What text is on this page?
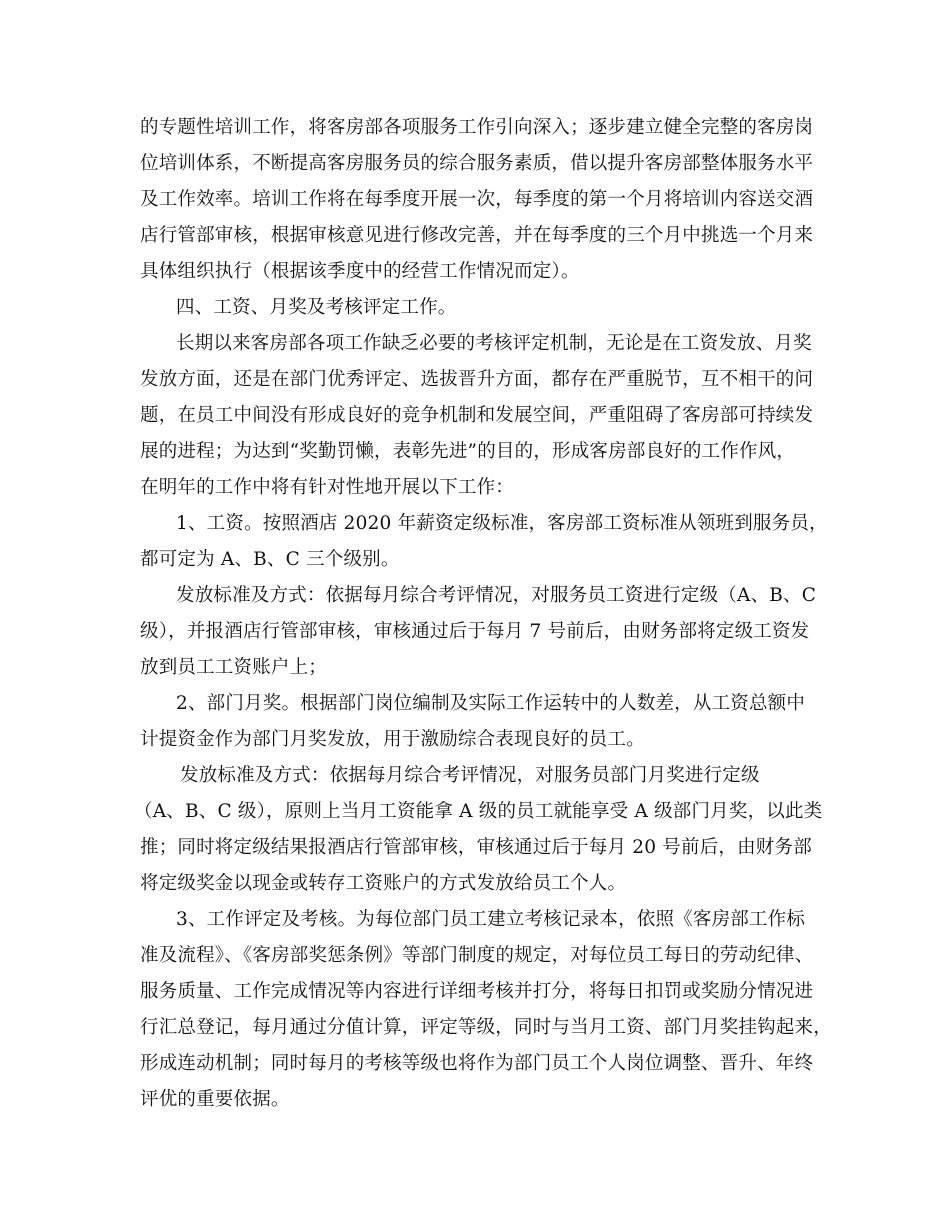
的专题性培训工作，将客房部各项服务工作引向深入；逐步建立健全完整的客房岗
位培训体系，不断提高客房服务员的综合服务素质，借以提升客房部整体服务水平
及工作效率。培训工作将在每季度开展一次，每季度的第一个月将培训内容送交酒
店行管部审核，根据审核意见进行修改完善，并在每季度的三个月中挑选一个月来
具体组织执行（根据该季度中的经营工作情况而定）。
四、工资、月奖及考核评定工作。
长期以来客房部各项工作缺乏必要的考核评定机制，无论是在工资发放、月奖
发放方面，还是在部门优秀评定、选拔晋升方面，都存在严重脱节，互不相干的问
题，在员工中间没有形成良好的竞争机制和发展空间，严重阻碍了客房部可持续发
展的进程；为达到“奖勤罚懒，表彰先进”的目的，形成客房部良好的工作作风，
在明年的工作中将有针对性地开展以下工作：
1、工资。按照酒店 2020 年薪资定级标准，客房部工资标准从领班到服务员，
都可定为 A、B、C 三个级别。
发放标准及方式：依据每月综合考评情况，对服务员工资进行定级（A、B、C
级），并报酒店行管部审核，审核通过后于每月 7 号前后，由财务部将定级工资发
放到员工工资账户上；
2、部门月奖。根据部门岗位编制及实际工作运转中的人数差，从工资总额中
计提资金作为部门月奖发放，用于激励综合表现良好的员工。
发放标准及方式：依据每月综合考评情况，对服务员部门月奖进行定级
（A、B、C 级），原则上当月工资能拿 A 级的员工就能享受 A 级部门月奖，以此类
推；同时将定级结果报酒店行管部审核，审核通过后于每月 20 号前后，由财务部
将定级奖金以现金或转存工资账户的方式发放给员工个人。
3、工作评定及考核。为每位部门员工建立考核记录本，依照《客房部工作标
准及流程》、《客房部奖惩条例》等部门制度的规定，对每位员工每日的劳动纪律、
服务质量、工作完成情况等内容进行详细考核并打分，将每日扣罚或奖励分情况进
行汇总登记，每月通过分值计算，评定等级，同时与当月工资、部门月奖挂钩起来，
形成连动机制；同时每月的考核等级也将作为部门员工个人岗位调整、晋升、年终
评优的重要依据。
